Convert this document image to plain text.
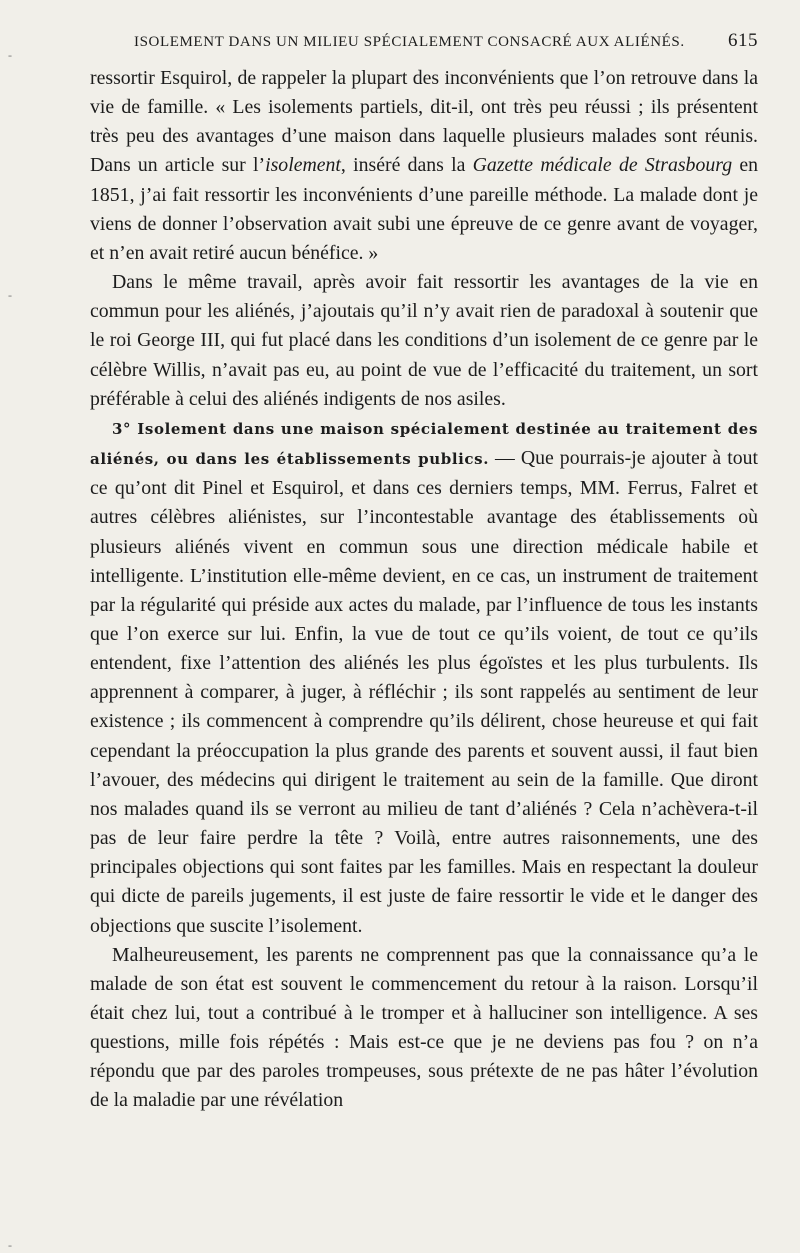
ISOLEMENT DANS UN MILIEU SPÉCIALEMENT CONSACRÉ AUX ALIÉNÉS. 615

ressortir Esquirol, de rappeler la plupart des inconvénients que l’on retrouve dans la vie de famille. « Les isolements partiels, dit-il, ont très peu réussi ; ils présentent très peu des avantages d’une maison dans laquelle plusieurs malades sont réunis. Dans un article sur l’isolement, inséré dans la Gazette médicale de Strasbourg en 1851, j’ai fait ressortir les inconvénients d’une pareille méthode. La malade dont je viens de donner l’observation avait subi une épreuve de ce genre avant de voyager, et n’en avait retiré aucun bénéfice. »

Dans le même travail, après avoir fait ressortir les avantages de la vie en commun pour les aliénés, j’ajoutais qu’il n’y avait rien de paradoxal à soutenir que le roi George III, qui fut placé dans les conditions d’un isolement de ce genre par le célèbre Willis, n’avait pas eu, au point de vue de l’efficacité du traitement, un sort préférable à celui des aliénés indigents de nos asiles.

3° Isolement dans une maison spécialement destinée au traitement des aliénés, ou dans les établissements publics. — Que pourrais-je ajouter à tout ce qu’ont dit Pinel et Esquirol, et dans ces derniers temps, MM. Ferrus, Falret et autres célèbres aliénistes, sur l’incontestable avantage des établissements où plusieurs aliénés vivent en commun sous une direction médicale habile et intelligente. L’institution elle-même devient, en ce cas, un instrument de traitement par la régularité qui préside aux actes du malade, par l’influence de tous les instants que l’on exerce sur lui. Enfin, la vue de tout ce qu’ils voient, de tout ce qu’ils entendent, fixe l’attention des aliénés les plus égoïstes et les plus turbulents. Ils apprennent à comparer, à juger, à réfléchir ; ils sont rappelés au sentiment de leur existence ; ils commencent à comprendre qu’ils délirent, chose heureuse et qui fait cependant la préoccupation la plus grande des parents et souvent aussi, il faut bien l’avouer, des médecins qui dirigent le traitement au sein de la famille. Que diront nos malades quand ils se verront au milieu de tant d’aliénés ? Cela n’achèvera-t-il pas de leur faire perdre la tête ? Voilà, entre autres raisonnements, une des principales objections qui sont faites par les familles. Mais en respectant la douleur qui dicte de pareils jugements, il est juste de faire ressortir le vide et le danger des objections que suscite l’isolement.

Malheureusement, les parents ne comprennent pas que la connaissance qu’a le malade de son état est souvent le commencement du retour à la raison. Lorsqu’il était chez lui, tout a contribué à le tromper et à halluciner son intelligence. A ses questions, mille fois répétés : Mais est-ce que je ne deviens pas fou ? on n’a répondu que par des paroles trompeuses, sous prétexte de ne pas hâter l’évolution de la maladie par une révélation

-
-
-
